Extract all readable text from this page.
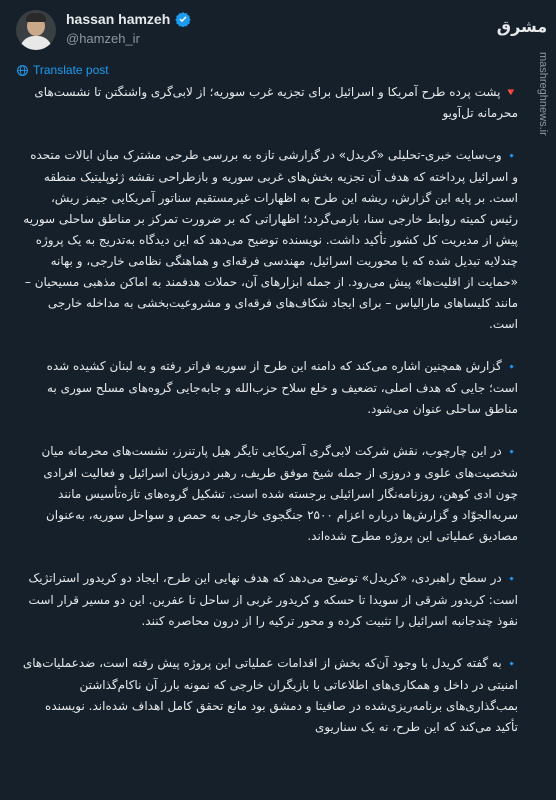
hassan hamzeh
@hamzeh_ir
مشرق
mashreghnews.ir
Translate post

🔻 پشت پرده طرح آمریکا و اسرائیل برای تجزیه غرب سوریه؛ از لابی‌گری واشنگتن تا نشست‌های محرمانه تل‌آویو

🔹 وب‌سایت خبری-تحلیلی «کریدل» در گزارشی تازه به بررسی طرحی مشترک میان ایالات متحده و اسرائیل پرداخته که هدف آن تجزیه بخش‌های غربی سوریه و بازطراحی نقشه ژئوپلیتیک منطقه است. بر پایه این گزارش، ریشه این طرح به اظهارات غیرمستقیم سناتور آمریکایی جیمز ریش، رئیس کمیته روابط خارجی سنا، بازمی‌گردد؛ اظهاراتی که بر ضرورت تمرکز بر مناطق ساحلی سوریه پیش از مدیریت کل کشور تأکید داشت. نویسنده توضیح می‌دهد که این دیدگاه به‌تدریج به یک پروژه چندلایه تبدیل شده که با محوریت اسرائیل، مهندسی فرقه‌ای و هماهنگی نظامی خارجی، و بهانه «حمایت از اقلیت‌ها» پیش می‌رود. از جمله ابزارهای آن، حملات هدفمند به اماکن مذهبی مسیحیان – مانند کلیساهای مارالیاس – برای ایجاد شکاف‌های فرقه‌ای و مشروعیت‌بخشی به مداخله خارجی است.

🔹 گزارش همچنین اشاره می‌کند که دامنه این طرح از سوریه فراتر رفته و به لبنان کشیده شده است؛ جایی که هدف اصلی، تضعیف و خلع سلاح حزب‌الله و جابه‌جایی گروه‌های مسلح سوری به مناطق ساحلی عنوان می‌شود.

🔹 در این چارچوب، نقش شرکت لابی‌گری آمریکایی تایگر هیل پارتنرز، نشست‌های محرمانه میان شخصیت‌های علوی و دروزی از جمله شیخ موفق طریف، رهبر دروزیان اسرائیل و فعالیت افرادی چون ادی کوهن، روزنامه‌نگار اسرائیلی برجسته شده است. تشکیل گروه‌های تازه‌تأسیس مانند سریه‌الجوّاد و گزارش‌ها درباره اعزام ۲۵۰۰ جنگجوی خارجی به حمص و سواحل سوریه، به‌عنوان مصادیق عملیاتی این پروژه مطرح شده‌اند.

🔹 در سطح راهبردی، «کریدل» توضیح می‌دهد که هدف نهایی این طرح، ایجاد دو کریدور استراتژیک است: کریدور شرقی از سویدا تا حسکه و کریدور غربی از ساحل تا عفرین. این دو مسیر قرار است نفوذ چندجانبه اسرائیل را تثبیت کرده و محور ترکیه را از درون محاصره کنند.

🔹 به گفته کریدل با وجود آن‌که بخش از اقدامات عملیاتی این پروژه پیش رفته است، ضدعملیات‌های امنیتی در داخل و همکاری‌های اطلاعاتی با بازیگران خارجی که نمونه بارز آن ناکام‌گذاشتن بمب‌گذاری‌های برنامه‌ریزی‌شده در صافیتا و دمشق بود مانع تحقق کامل اهداف شده‌اند. نویسنده تأکید می‌کند که این طرح، نه یک سناریوی
